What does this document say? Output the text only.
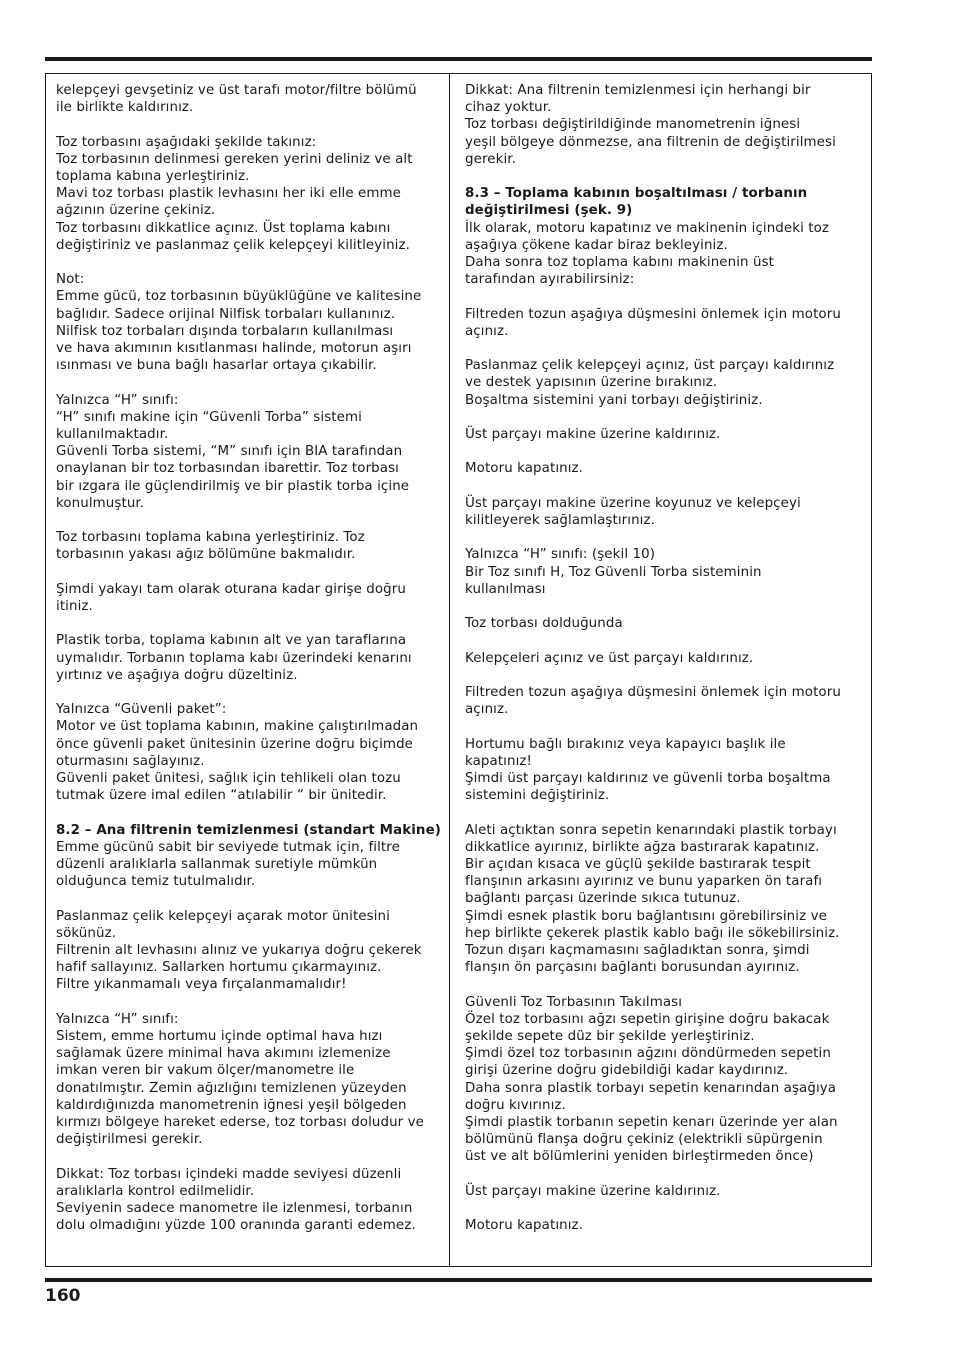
kelepçeyi gevşetiniz ve üst tarafı motor/filtre bölümü
ile birlikte kaldırınız.
Toz torbasını aşağıdaki şekilde takınız:
Toz torbasının delinmesi gereken yerini deliniz ve alt
toplama kabına yerleştiriniz.
Mavi toz torbası plastik levhasını her iki elle emme
ağzının üzerine çekiniz.
Toz torbasını dikkatlice açınız. Üst toplama kabını
değiştiriniz ve paslanmaz çelik kelepçeyi kilitleyiniz.
Not:
Emme gücü, toz torbasının büyüklüğüne ve kalitesine
bağlıdır. Sadece orijinal Nilfisk torbaları kullanınız.
Nilfisk toz torbaları dışında torbaların kullanılması
ve hava akımının kısıtlanması halinde, motorun aşırı
ısınması ve buna bağlı hasarlar ortaya çıkabilir.
Yalnızca “H” sınıfı:
“H” sınıfı makine için “Güvenli Torba” sistemi
kullanılmaktadır.
Güvenli Torba sistemi, “M” sınıfı için BIA tarafından
onaylanan bir toz torbasından ibarettir. Toz torbası
bir ızgara ile güçlendirilmiş ve bir plastik torba içine
konulmuştur.
Toz torbasını toplama kabına yerleştiriniz. Toz
torbasının yakası ağız bölümüne bakmalıdır.
Şimdi yakayı tam olarak oturana kadar girişe doğru
itiniz.
Plastik torba, toplama kabının alt ve yan taraflarına
uymalıdır. Torbanın toplama kabı üzerindeki kenarını
yırtınız ve aşağıya doğru düzeltiniz.
Yalnızca “Güvenli paket”:
Motor ve üst toplama kabının, makine çalıştırılmadan
önce güvenli paket ünitesinin üzerine doğru biçimde
oturmasını sağlayınız.
Güvenli paket ünitesi, sağlık için tehlikeli olan tozu
tutmak üzere imal edilen “atılabilir “ bir ünitedir.
8.2 – Ana filtrenin temizlenmesi (standart Makine)
Emme gücünü sabit bir seviyede tutmak için, filtre
düzenli aralıklarla sallanmak suretiyle mümkün
olduğunca temiz tutulmalıdır.
Paslanmaz çelik kelepçeyi açarak motor ünitesini
sökünüz.
Filtrenin alt levhasını alınız ve yukarıya doğru çekerek
hafif sallayınız. Sallarken hortumu çıkarmayınız.
Filtre yıkanmamalı veya fırçalanmamalıdır!
Yalnızca “H” sınıfı:
Sistem, emme hortumu içinde optimal hava hızı
sağlamak üzere minimal hava akımını izlemenize
imkan veren bir vakum ölçer/manometre ile
donatılmıştır. Zemin ağızlığını temizlenen yüzeyden
kaldırdığınızda manometrenin iğnesi yeşil bölgeden
kırmızı bölgeye hareket ederse, toz torbası doludur ve
değiştirilmesi gerekir.
Dikkat: Toz torbası içindeki madde seviyesi düzenli
aralıklarla kontrol edilmelidir.
Seviyenin sadece manometre ile izlenmesi, torbanın
dolu olmadığını yüzde 100 oranında garanti edemez.
Dikkat: Ana filtrenin temizlenmesi için herhangi bir
cihaz yoktur.
Toz torbası değiştirildiğinde manometrenin iğnesi
yeşil bölgeye dönmezse, ana filtrenin de değiştirilmesi
gerekir.
8.3 – Toplama kabının boşaltılması / torbanın
değiştirilmesi (şek. 9)
İlk olarak, motoru kapatınız ve makinenin içindeki toz
aşağıya çökene kadar biraz bekleyiniz.
Daha sonra toz toplama kabını makinenin üst
tarafından ayırabilirsiniz:
Filtreden tozun aşağıya düşmesini önlemek için motoru
açınız.
Paslanmaz çelik kelepçeyi açınız, üst parçayı kaldırınız
ve destek yapısının üzerine bırakınız.
Boşaltma sistemini yani torbayı değiştiriniz.
Üst parçayı makine üzerine kaldırınız.
Motoru kapatınız.
Üst parçayı makine üzerine koyunuz ve kelepçeyi
kilitleyerek sağlamlaştırınız.
Yalnızca “H” sınıfı: (şekil 10)
Bir Toz sınıfı H, Toz Güvenli Torba sisteminin
kullanılması
Toz torbası dolduğunda
Kelepçeleri açınız ve üst parçayı kaldırınız.
Filtreden tozun aşağıya düşmesini önlemek için motoru
açınız.
Hortumu bağlı bırakınız veya kapayıcı başlık ile
kapatınız!
Şimdi üst parçayı kaldırınız ve güvenli torba boşaltma
sistemini değiştiriniz.
Aleti açtıktan sonra sepetin kenarındaki plastik torbayı
dikkatlice ayırınız, birlikte ağza bastırarak kapatınız.
Bir açıdan kısaca ve güçlü şekilde bastırarak tespit
flanşının arkasını ayırınız ve bunu yaparken ön tarafı
bağlantı parçası üzerinde sıkıca tutunuz.
Şimdi esnek plastik boru bağlantısını görebilirsiniz ve
hep birlikte çekerek plastik kablo bağı ile sökebilirsiniz.
Tozun dışarı kaçmamasını sağladıktan sonra, şimdi
flanşın ön parçasını bağlantı borusundan ayırınız.
Güvenli Toz Torbasının Takılması
Özel toz torbasını ağzı sepetin girişine doğru bakacak
şekilde sepete düz bir şekilde yerleştiriniz.
Şimdi özel toz torbasının ağzını döndürmeden sepetin
girişi üzerine doğru gidebildiği kadar kaydırınız.
Daha sonra plastik torbayı sepetin kenarından aşağıya
doğru kıvırınız.
Şimdi plastik torbanın sepetin kenarı üzerinde yer alan
bölümünü flanşa doğru çekiniz (elektrikli süpürgenin
üst ve alt bölümlerini yeniden birleştirmeden önce)
Üst parçayı makine üzerine kaldırınız.
Motoru kapatınız.
160
